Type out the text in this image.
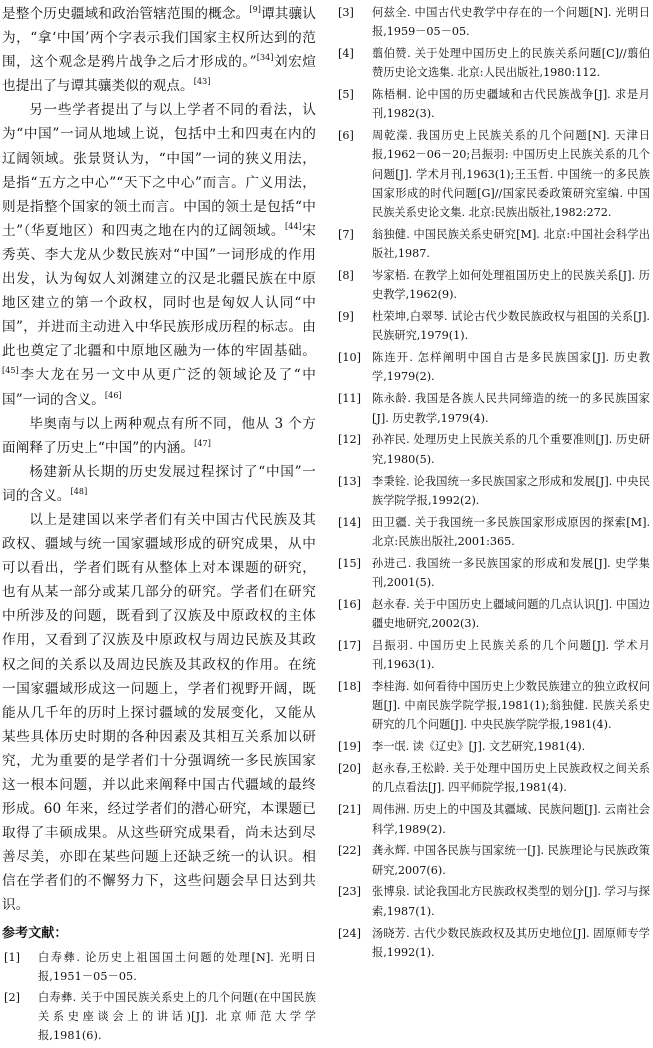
是整个历史疆域和政治管辖范围的概念。[9]谭其骧认为，“拿‘中国’两个字表示我们国家主权所达到的范围，这个观念是鸦片战争之后才形成的。”[34]刘宏煊也提出了与谭其骧类似的观点。[43]

另一些学者提出了与以上学者不同的看法，认为“中国”一词从地域上说，包括中土和四夷在内的辽阔领域。张景贤认为，“中国”一词的狭义用法，是指“五方之中心”“天下之中心”而言。广义用法，则是指整个国家的领土而言。中国的领土是包括“中土”（华夏地区）和四夷之地在内的辽阔领域。[44]宋秀英、李大龙从少数民族对“中国”一词形成的作用出发，认为匈奴人刘渊建立的汉是北疆民族在中原地区建立的第一个政权，同时也是匈奴人认同“中国”，并进而主动进入中华民族形成历程的标志。由此也奠定了北疆和中原地区融为一体的牢固基础。[45]李大龙在另一文中从更广泛的领域论及了“中国”一词的含义。[46]

毕奥南与以上两种观点有所不同，他从 3 个方面阐释了历史上“中国”的内涵。[47]

杨建新从长期的历史发展过程探讨了“中国”一词的含义。[48]

以上是建国以来学者们有关中国古代民族及其政权、疆域与统一国家疆域形成的研究成果，从中可以看出，学者们既有从整体上对本课题的研究，也有从某一部分或某几部分的研究。学者们在研究中所涉及的问题，既看到了汉族及中原政权的主体作用，又看到了汉族及中原政权与周边民族及其政权之间的关系以及周边民族及其政权的作用。在统一国家疆域形成这一问题上，学者们视野开阔，既能从几千年的历时上探讨疆域的发展变化，又能从某些具体历史时期的各种因素及其相互关系加以研究，尤为重要的是学者们十分强调统一多民族国家这一根本问题，并以此来阐释中国古代疆域的最终形成。60 年来，经过学者们的潜心研究，本课题已取得了丰硕成果。从这些研究成果看，尚未达到尽善尽美，亦即在某些问题上还缺乏统一的认识。相信在学者们的不懈努力下，这些问题会早日达到共识。

参考文献：
[1] 白寿彝. 论历史上祖国国土问题的处理[N]. 光明日报,1951－05－05.
[2] 白寿彝. 关于中国民族关系史上的几个问题(在中国民族关系史座谈会上的讲话)[J]. 北京师范大学学报,1981(6).
[3] 何兹全. 中国古代史教学中存在的一个问题[N]. 光明日报,1959－05－05.
[4] 翦伯赞. 关于处理中国历史上的民族关系问题[C]//翦伯赞历史论文选集. 北京:人民出版社,1980:112.
[5] 陈梧桐. 论中国的历史疆域和古代民族战争[J]. 求是月刊,1982(3).
[6] 周乾濚. 我国历史上民族关系的几个问题[N]. 天津日报,1962－06－20;吕振羽: 中国历史上民族关系的几个问题[J]. 学术月刊,1963(1);王玉哲. 中国统一的多民族国家形成的时代问题[G]//国家民委政策研究室编. 中国民族关系史论文集. 北京:民族出版社,1982:272.
[7] 翁独健. 中国民族关系史研究[M]. 北京:中国社会科学出版社,1987.
[8] 岑家梧. 在教学上如何处理祖国历史上的民族关系[J]. 历史教学,1962(9).
[9] 杜荣坤,白翠琴. 试论古代少数民族政权与祖国的关系[J]. 民族研究,1979(1).
[10] 陈连开. 怎样阐明中国自古是多民族国家[J]. 历史教学,1979(2).
[11] 陈永龄. 我国是各族人民共同缔造的统一的多民族国家[J]. 历史教学,1979(4).
[12] 孙祚民. 处理历史上民族关系的几个重要准则[J]. 历史研究,1980(5).
[13] 李秉铨. 论我国统一多民族国家之形成和发展[J]. 中央民族学院学报,1992(2).
[14] 田卫疆. 关于我国统一多民族国家形成原因的探索[M]. 北京:民族出版社,2001:365.
[15] 孙进己. 我国统一多民族国家的形成和发展[J]. 史学集刊,2001(5).
[16] 赵永春. 关于中国历史上疆域问题的几点认识[J]. 中国边疆史地研究,2002(3).
[17] 吕振羽. 中国历史上民族关系的几个问题[J]. 学术月刊,1963(1).
[18] 李桂海. 如何看待中国历史上少数民族建立的独立政权问题[J]. 中南民族学院学报,1981(1);翁独健. 民族关系史研究的几个问题[J]. 中央民族学院学报,1981(4).
[19] 李一氓. 读《辽史》[J]. 文艺研究,1981(4).
[20] 赵永春,王松龄. 关于处理中国历史上民族政权之间关系的几点看法[J]. 四平师院学报,1981(4).
[21] 周伟洲. 历史上的中国及其疆域、民族问题[J]. 云南社会科学,1989(2).
[22] 龚永辉. 中国各民族与国家统一[J]. 民族理论与民族政策研究,2007(6).
[23] 张博泉. 试论我国北方民族政权类型的划分[J]. 学习与探索,1987(1).
[24] 汤晓芳. 古代少数民族政权及其历史地位[J]. 固原师专学报,1992(1).
